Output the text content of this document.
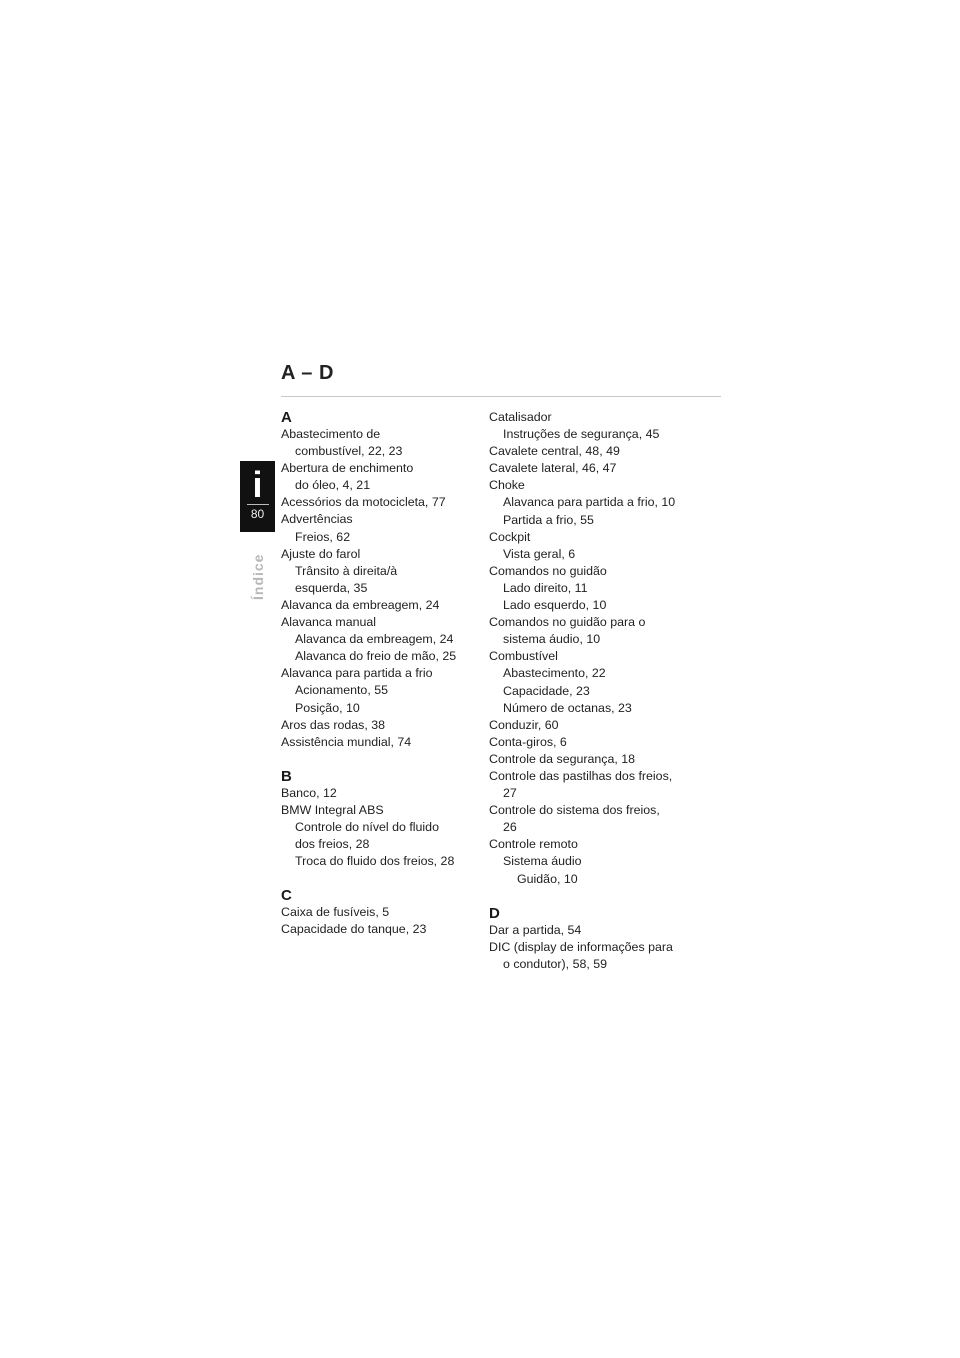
A – D
i
80
Índice
A
Abastecimento de
combustível, 22, 23
Abertura de enchimento
do óleo, 4, 21
Acessórios da motocicleta, 77
Advertências
Freios, 62
Ajuste do farol
Trânsito à direita/à
esquerda, 35
Alavanca da embreagem, 24
Alavanca manual
Alavanca da embreagem, 24
Alavanca do freio de mão, 25
Alavanca para partida a frio
Acionamento, 55
Posição, 10
Aros das rodas, 38
Assistência mundial, 74
B
Banco, 12
BMW Integral ABS
Controle do nível do fluido
dos freios, 28
Troca do fluido dos freios, 28
C
Caixa de fusíveis, 5
Capacidade do tanque, 23
Catalisador
Instruções de segurança, 45
Cavalete central, 48, 49
Cavalete lateral, 46, 47
Choke
Alavanca para partida a frio, 10
Partida a frio, 55
Cockpit
Vista geral, 6
Comandos no guidão
Lado direito, 11
Lado esquerdo, 10
Comandos no guidão para o
sistema áudio, 10
Combustível
Abastecimento, 22
Capacidade, 23
Número de octanas, 23
Conduzir, 60
Conta-giros, 6
Controle da segurança, 18
Controle das pastilhas dos freios,
27
Controle do sistema dos freios,
26
Controle remoto
Sistema áudio
Guidão, 10
D
Dar a partida, 54
DIC (display de informações para
o condutor), 58, 59
